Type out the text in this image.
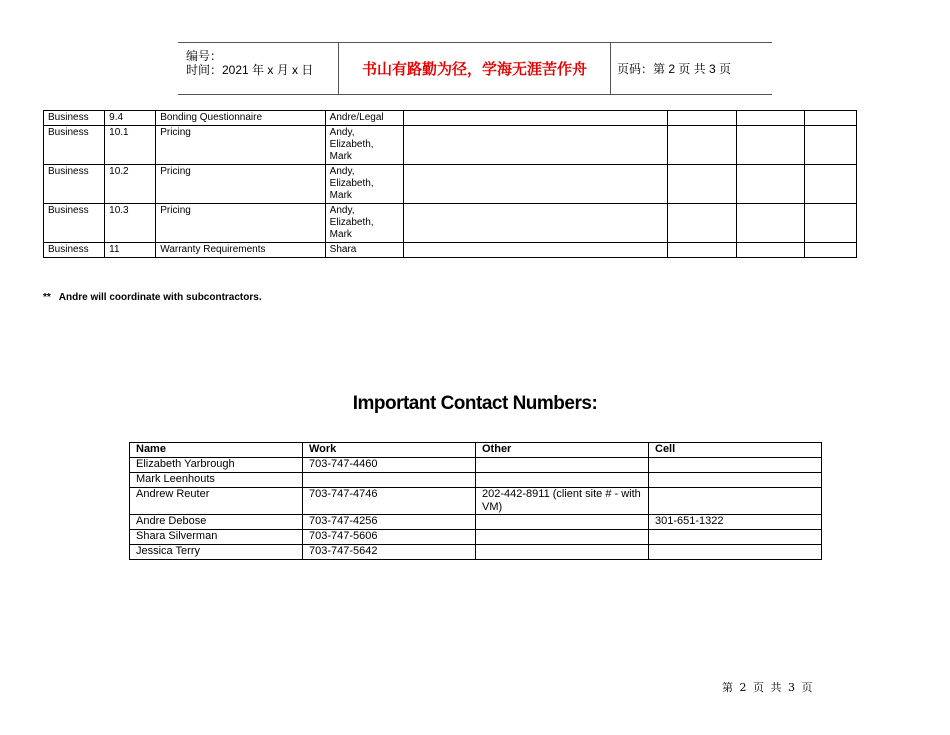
编号：
时间：2021 年 x 月 x 日	书山有路勤为径，学海无涯苦作舟	页码：第 2 页 共 3 页
Business	9.4	Bonding Questionnaire	Andre/Legal				

Business	10.1	Pricing	Andy,
Elizabeth,
Mark				

Business	10.2	Pricing	Andy,
Elizabeth,
Mark				

Business	10.3	Pricing	Andy,
Elizabeth,
Mark				

Business	11	Warranty Requirements	Shara				

** Andre will coordinate with subcontractors.
Important Contact Numbers:
Name	Work	Other	Cell
Elizabeth Yarbrough	703-747-4460		
Mark Leenhouts			
Andrew Reuter	703-747-4746	202-442-8911 (client site # - with VM)	
Andre Debose	703-747-4256		301-651-1322
Shara Silverman	703-747-5606		
Jessica Terry	703-747-5642		
第 2 页 共 3 页
